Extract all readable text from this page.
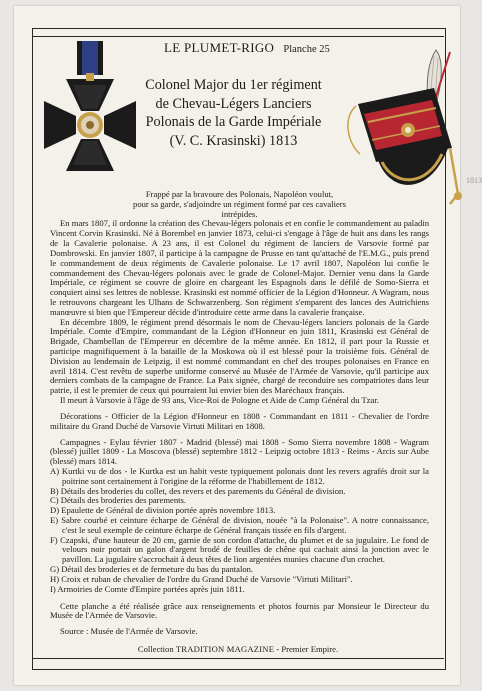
LE PLUMET-RIGO Planche 25
Colonel Major du 1er régiment
de Chevau-Légers Lanciers
Polonais de la Garde Impériale
(V. C. Krasinski) 1813
1813

Frappé par la bravoure des Polonais, Napoléon voulut,

pour sa garde, s'adjoindre un régiment formé par ces cavaliers

intrépides.

En mars 1807, il ordonne la création des Chevau-légers polonais et en confie le commandement au paladin Vincent Corvin Krasinski. Né à Borembel en janvier 1873, celui-ci s'engage à l'âge de huit ans dans les rangs de la Cavalerie polonaise. A 23 ans, il est Colonel du régiment de lanciers de Varsovie formé par Dombrowski. En janvier 1807, il participe à la campagne de Prusse en tant qu'attaché de l'E.M.G., puis prend le commandement de deux régiments de Cavalerie polonaise. Le 17 avril 1807, Napoléon lui confie le commandement des Chevau-légers polonais avec le grade de Colonel-Major. Dernier venu dans la Garde Impériale, ce régiment se couvre de gloire en chargeant les Espagnols dans le défilé de Somo-Sierra et conquiert ainsi ses lettres de noblesse. Krasinski est nommé officier de la Légion d'Honneur. A Wagram, nous le retrouvons chargeant les Ulhans de Schwarzenberg. Son régiment s'emparent des lances des Autrichiens manœuvre si bien que l'Empereur décide d'introduire cette arme dans la cavalerie française.

En décembre 1809, le régiment prend désormais le nom de Chevau-légers lanciers polonais de la Garde Impériale. Comte d'Empire, commandant de la Légion d'Honneur en juin 1811, Krasinski est Général de Brigade, Chambellan de l'Empereur en décembre de la même année. En 1812, il part pour la Russie et participe magnifiquement à la bataille de la Moskowa où il est blessé pour la troisième fois. Général de Division au lendemain de Leipzig, il est nommé commandant en chef des troupes polonaises en France en avril 1814. C'est revêtu de superbe uniforme conservé au Musée de l'Armée de Varsovie, qu'il participe aux derniers combats de la campagne de France. La Paix signée, chargé de reconduire ses compatriotes dans leur patrie, il est le premier de ceux qui pourraient lui envier bien des Maréchaux français.

Il meurt à Varsovie à l'âge de 93 ans, Vice-Roi de Pologne et Aide de Camp Général du Tzar.

Décorations - Officier de la Légion d'Honneur en 1808 - Commandant en 1811 - Chevalier de l'ordre militaire du Grand Duché de Varsovie Virtuti Militari en 1808.

Campagnes - Eylau février 1807 - Madrid (blessé) mai 1808 - Somo Sierra novembre 1808 - Wagram (blessé) juillet 1809 - La Moscova (blessé) septembre 1812 - Leipzig octobre 1813 - Reims - Arcis sur Aube (blessé) mars 1814.

A) Kurtki vu de dos - le Kurtka est un habit veste typiquement polonais dont les revers agrafés droit sur la poitrine sont certainement à l'origine de la réforme de l'habillement de 1812.

B) Détails des broderies du collet, des revers et des parements du Général de division.

C) Détails des broderies des parements.

D) Epaulette de Général de division portée après novembre 1813.

E) Sabre courbé et ceinture écharpe de Général de division, nouée "à la Polonaise". A notre connaissance, c'est le seul exemple de ceinture écharpe de Général français tissée en fils d'argent.

F) Czapski, d'une hauteur de 20 cm, garnie de son cordon d'attache, du plumet et de sa jugulaire. Le fond de velours noir portait un galon d'argent brodé de feuilles de chêne qui cachait ainsi la jonction avec le pavillon. La jugulaire s'accrochait à deux têtes de lion argentées munies chacune d'un crochet.

G) Détail des broderies et de fermeture du bas du pantalon.

H) Croix et ruban de chevalier de l'ordre du Grand Duché de Varsovie "Virtuti Militari".

I) Armoiries de Comte d'Empire portées après juin 1811.

Cette planche a été réalisée grâce aux renseignements et photos fournis par Monsieur le Directeur du Musée de l'Armée de Varsovie.

Source : Musée de l'Armée de Varsovie.

Collection TRADITION MAGAZINE - Premier Empire.
